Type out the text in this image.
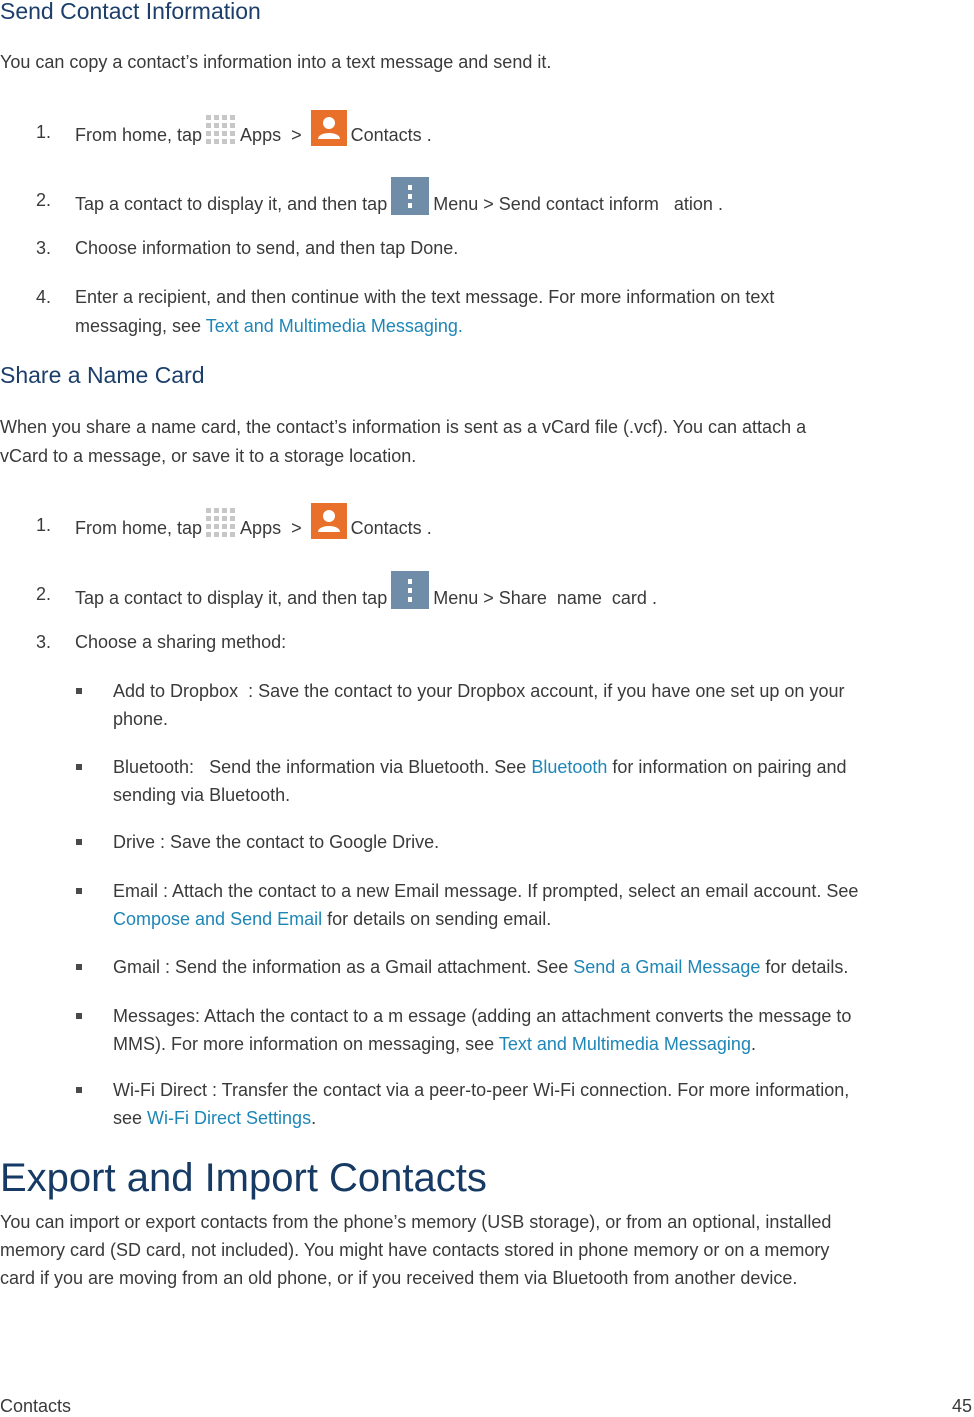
Send Contact Information
You can copy a contact’s information into a text message and send it.
1. From home, tap Apps >	Contacts .
2. Tap a contact to display it, and then tap	Menu > Send contact inform ation .
3. Choose information to send, and then tap Done.
4. Enter a recipient, and then continue with the text message. For more information on text
messaging, see Text and Multimedia Messaging.
Share a Name Card
When you share a name card, the contact’s information is sent as a vCard file (.vcf). You can attach a
vCard to a message, or save it to a storage location.
1. From home, tap Apps >	Contacts .
2. Tap a contact to display it, and then tap	Menu > Share name card .
3. Choose a sharing method:
Add to Dropbox : Save the contact to your Dropbox account, if you have one set up on your
phone.
Bluetooth: Send the information via Bluetooth. See Bluetooth for information on pairing and
sending via Bluetooth.
Drive : Save the contact to Google Drive.
Email : Attach the contact to a new Email message. If prompted, select an email account. See
Compose and Send Email for details on sending email.
Gmail : Send the information as a Gmail attachment. See Send a Gmail Message for details.
Messages: Attach the contact to a m essage (adding an attachment converts the message to
MMS). For more information on messaging, see Text and Multimedia Messaging.
Wi-Fi Direct : Transfer the contact via a peer-to-peer Wi-Fi connection. For more information,
see Wi-Fi Direct Settings.
Export and Import Contacts
You can import or export contacts from the phone’s memory (USB storage), or from an optional, installed
memory card (SD card, not included). You might have contacts stored in phone memory or on a memory
card if you are moving from an old phone, or if you received them via Bluetooth from another device.
Contacts	45
